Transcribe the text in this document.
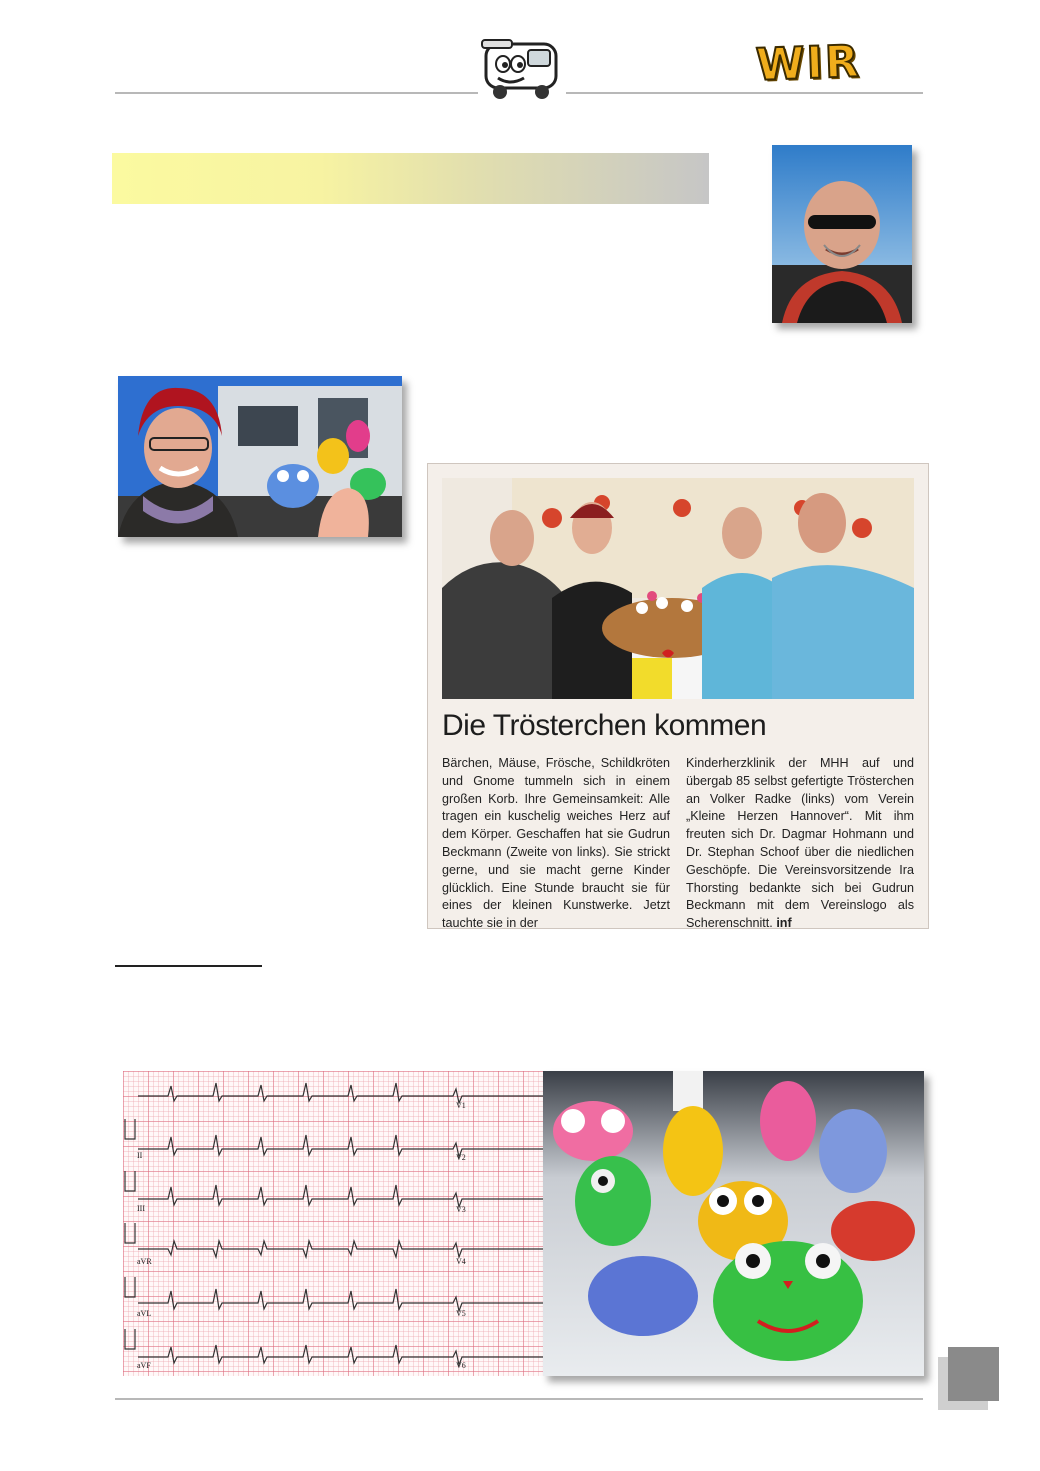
WIR
Die Trösterchen kommen

Bärchen, Mäuse, Frösche, Schildkröten und Gnome tummeln sich in einem großen Korb. Ihre Gemeinsamkeit: Alle tragen ein kuschelig weiches Herz auf dem Körper. Geschaffen hat sie Gudrun Beckmann (Zweite von links). Sie strickt gerne, und sie macht gerne Kinder glücklich. Eine Stunde braucht sie für eines der kleinen Kunstwerke. Jetzt tauchte sie in der

Kinderherzklinik der MHH auf und übergab 85 selbst gefertigte Trösterchen an Volker Radke (links) vom Verein „Kleine Herzen Hannover“. Mit ihm freuten sich Dr. Dagmar Hohmann und Dr. Stephan Schoof über die niedlichen Geschöpfe. Die Vereinsvorsitzende Ira Thorsting bedankte sich bei Gudrun Beckmann mit dem Vereinslogo als Scherenschnitt. inf

II
III
aVR
aVL
aVF
V1
V2
V3
V4
V5
V6
